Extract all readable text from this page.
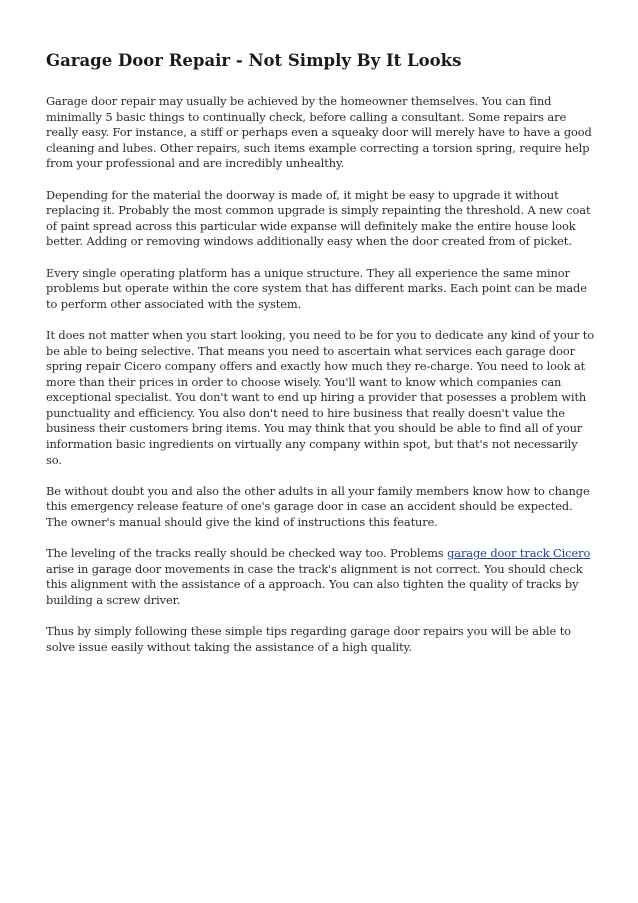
Garage Door Repair - Not Simply By It Looks

Garage door repair may usually be achieved by the homeowner themselves. You can find minimally 5 basic things to continually check, before calling a consultant. Some repairs are really easy. For instance, a stiff or perhaps even a squeaky door will merely have to have a good cleaning and lubes. Other repairs, such items example correcting a torsion spring, require help from your professional and are incredibly unhealthy.

Depending for the material the doorway is made of, it might be easy to upgrade it without replacing it. Probably the most common upgrade is simply repainting the threshold. A new coat of paint spread across this particular wide expanse will definitely make the entire house look better. Adding or removing windows additionally easy when the door created from of picket.

Every single operating platform has a unique structure. They all experience the same minor problems but operate within the core system that has different marks. Each point can be made to perform other associated with the system.

It does not matter when you start looking, you need to be for you to dedicate any kind of your to be able to being selective. That means you need to ascertain what services each garage door spring repair Cicero company offers and exactly how much they re-charge. You need to look at more than their prices in order to choose wisely. You'll want to know which companies can exceptional specialist. You don't want to end up hiring a provider that posesses a problem with punctuality and efficiency. You also don't need to hire business that really doesn't value the business their customers bring items. You may think that you should be able to find all of your information basic ingredients on virtually any company within spot, but that's not necessarily so.

Be without doubt you and also the other adults in all your family members know how to change this emergency release feature of one's garage door in case an accident should be expected. The owner's manual should give the kind of instructions this feature.

The leveling of the tracks really should be checked way too. Problems garage door track Cicero arise in garage door movements in case the track's alignment is not correct. You should check this alignment with the assistance of a approach. You can also tighten the quality of tracks by building a screw driver.

Thus by simply following these simple tips regarding garage door repairs you will be able to solve issue easily without taking the assistance of a high quality.
